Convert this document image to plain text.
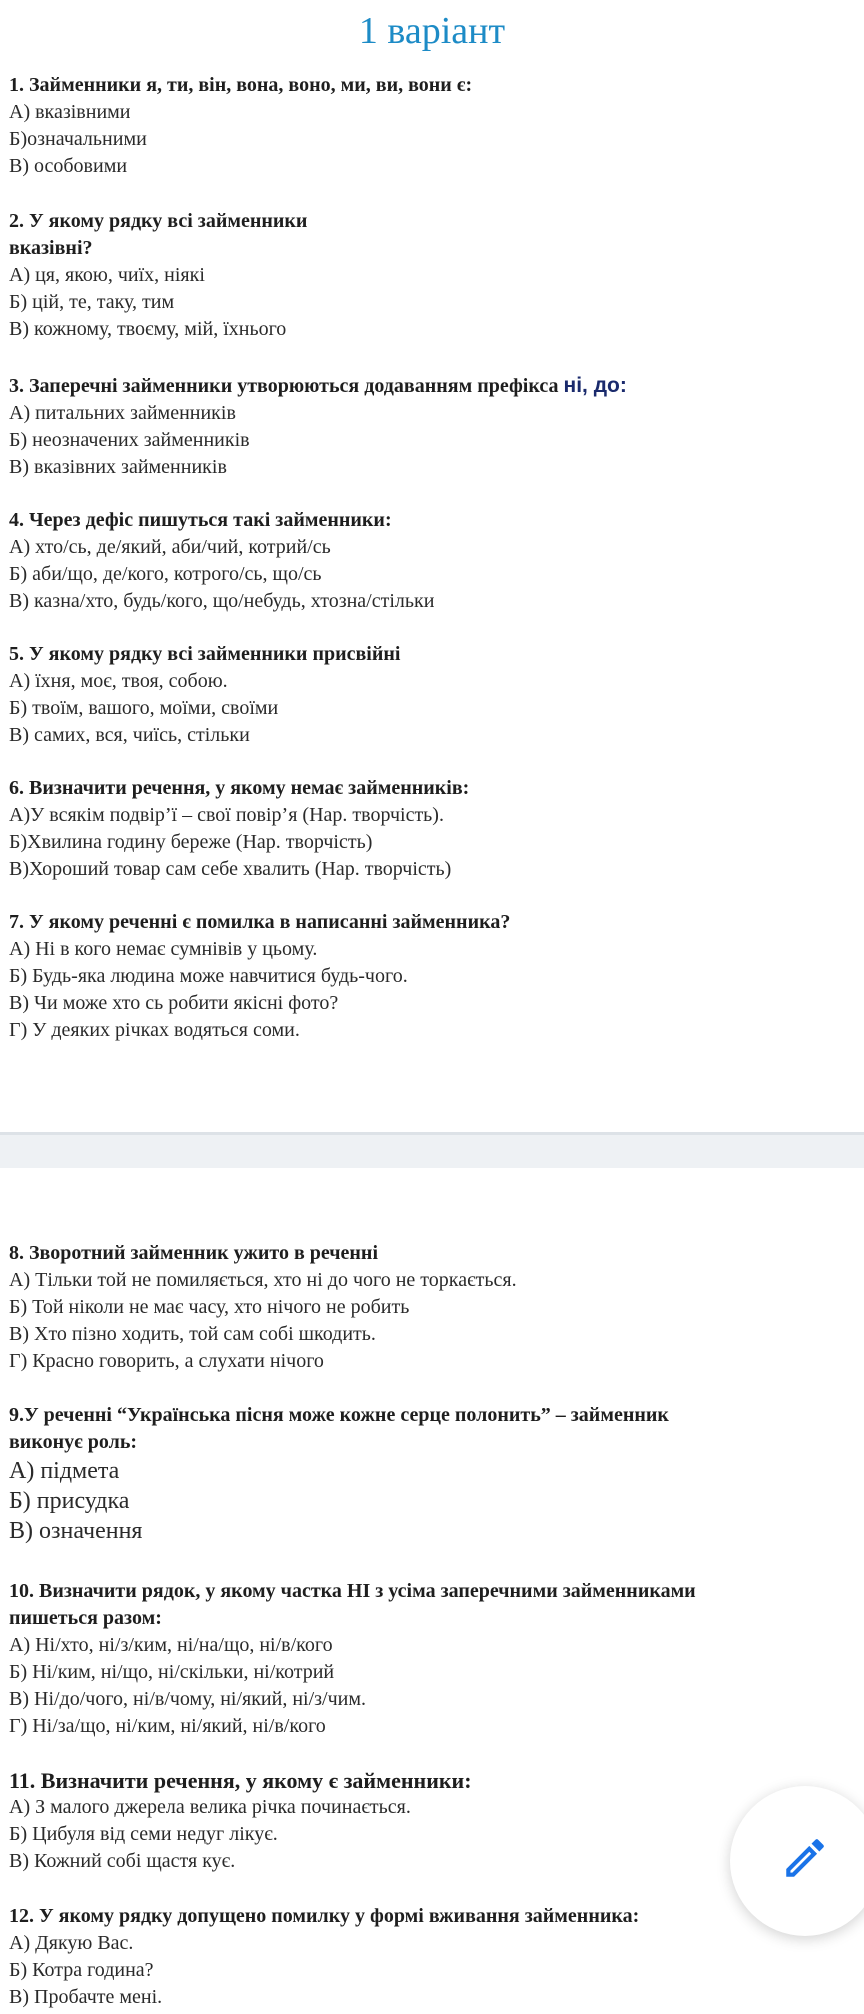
1 варіант

1. Займенники я, ти, він, вона, воно, ми, ви, вони є:

А) вказівними

Б)означальними

В) особовими

2. У якому рядку всі займенники

вказівні?

А) ця, якою, чиїх, ніякі

Б) цій, те, таку, тим

В) кожному, твоєму, мій, їхнього

3. Заперечні займенники утворюються додаванням префікса ні, до:

А) питальних займенників

Б) неозначених займенників

В) вказівних займенників

4. Через дефіс пишуться такі займенники:

А) хто/сь, де/який, аби/чий, котрий/сь

Б) аби/що, де/кого, котрого/сь, що/сь

В) казна/хто, будь/кого, що/небудь, хтозна/стільки

5. У якому рядку всі займенники присвійні

А) їхня, моє, твоя, собою.

Б) твоїм, вашого, моїми, своїми

В) самих, вся, чиїсь, стільки

6. Визначити речення, у якому немає займенників:

А)У всякім подвір’ї – свої повір’я (Нар. творчість).

Б)Хвилина годину береже (Нар. творчість)

В)Хороший товар сам себе хвалить (Нар. творчість)

7. У якому реченні є помилка в написанні займенника?

А) Ні в кого немає сумнівів у цьому.

Б) Будь-яка людина може навчитися будь-чого.

В) Чи може хто сь робити якісні фото?

Г) У деяких річках водяться соми.

8. Зворотний займенник ужито в реченні

А) Тільки той не помиляється, хто ні до чого не торкається.

Б) Той ніколи не має часу, хто нічого не робить

В) Хто пізно ходить, той сам собі шкодить.

Г) Красно говорить, а слухати нічого

9.У реченні “Українська пісня може кожне серце полонить” – займенник

виконує роль:

А) підмета

Б) присудка

В) означення

10. Визначити рядок, у якому частка НІ з усіма заперечними займенниками

пишеться разом:

А) Ні/хто, ні/з/ким, ні/на/що, ні/в/кого

Б) Ні/ким, ні/що, ні/скільки, ні/котрий

В) Ні/до/чого, ні/в/чому, ні/який, ні/з/чим.

Г) Ні/за/що, ні/ким, ні/який, ні/в/кого

11. Визначити речення, у якому є займенники:

А) З малого джерела велика річка починається.

Б) Цибуля від семи недуг лікує.

В) Кожний собі щастя кує.

12. У якому рядку допущено помилку у формі вживання займенника:

А) Дякую Вас.

Б) Котра година?

В) Пробачте мені.
